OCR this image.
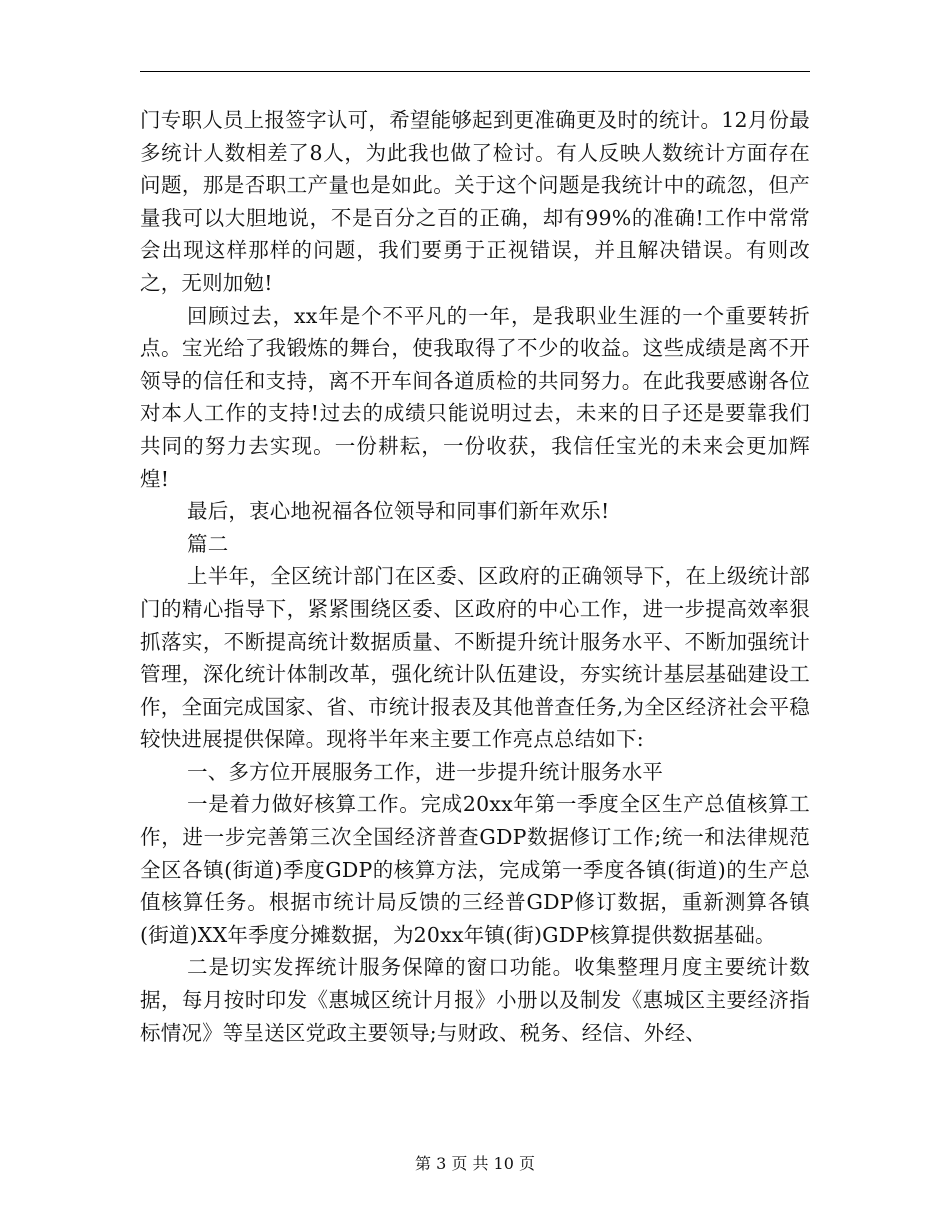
门专职人员上报签字认可，希望能够起到更准确更及时的统计。12月份最多统计人数相差了8人，为此我也做了检讨。有人反映人数统计方面存在问题，那是否职工产量也是如此。关于这个问题是我统计中的疏忽，但产量我可以大胆地说，不是百分之百的正确，却有99%的准确!工作中常常会出现这样那样的问题，我们要勇于正视错误，并且解决错误。有则改之，无则加勉!

回顾过去，xx年是个不平凡的一年，是我职业生涯的一个重要转折点。宝光给了我锻炼的舞台，使我取得了不少的收益。这些成绩是离不开领导的信任和支持，离不开车间各道质检的共同努力。在此我要感谢各位对本人工作的支持!过去的成绩只能说明过去，未来的日子还是要靠我们共同的努力去实现。一份耕耘，一份收获，我信任宝光的未来会更加辉煌!

最后，衷心地祝福各位领导和同事们新年欢乐!

篇二

上半年，全区统计部门在区委、区政府的正确领导下，在上级统计部门的精心指导下，紧紧围绕区委、区政府的中心工作，进一步提高效率狠抓落实，不断提高统计数据质量、不断提升统计服务水平、不断加强统计管理，深化统计体制改革，强化统计队伍建设，夯实统计基层基础建设工作，全面完成国家、省、市统计报表及其他普查任务,为全区经济社会平稳较快进展提供保障。现将半年来主要工作亮点总结如下:

一、多方位开展服务工作，进一步提升统计服务水平

一是着力做好核算工作。完成20xx年第一季度全区生产总值核算工作，进一步完善第三次全国经济普查GDP数据修订工作;统一和法律规范全区各镇(街道)季度GDP的核算方法，完成第一季度各镇(街道)的生产总值核算任务。根据市统计局反馈的三经普GDP修订数据，重新测算各镇(街道)XX年季度分摊数据，为20xx年镇(街)GDP核算提供数据基础。

二是切实发挥统计服务保障的窗口功能。收集整理月度主要统计数据，每月按时印发《惠城区统计月报》小册以及制发《惠城区主要经济指标情况》等呈送区党政主要领导;与财政、税务、经信、外经、

第 3 页 共 10 页
